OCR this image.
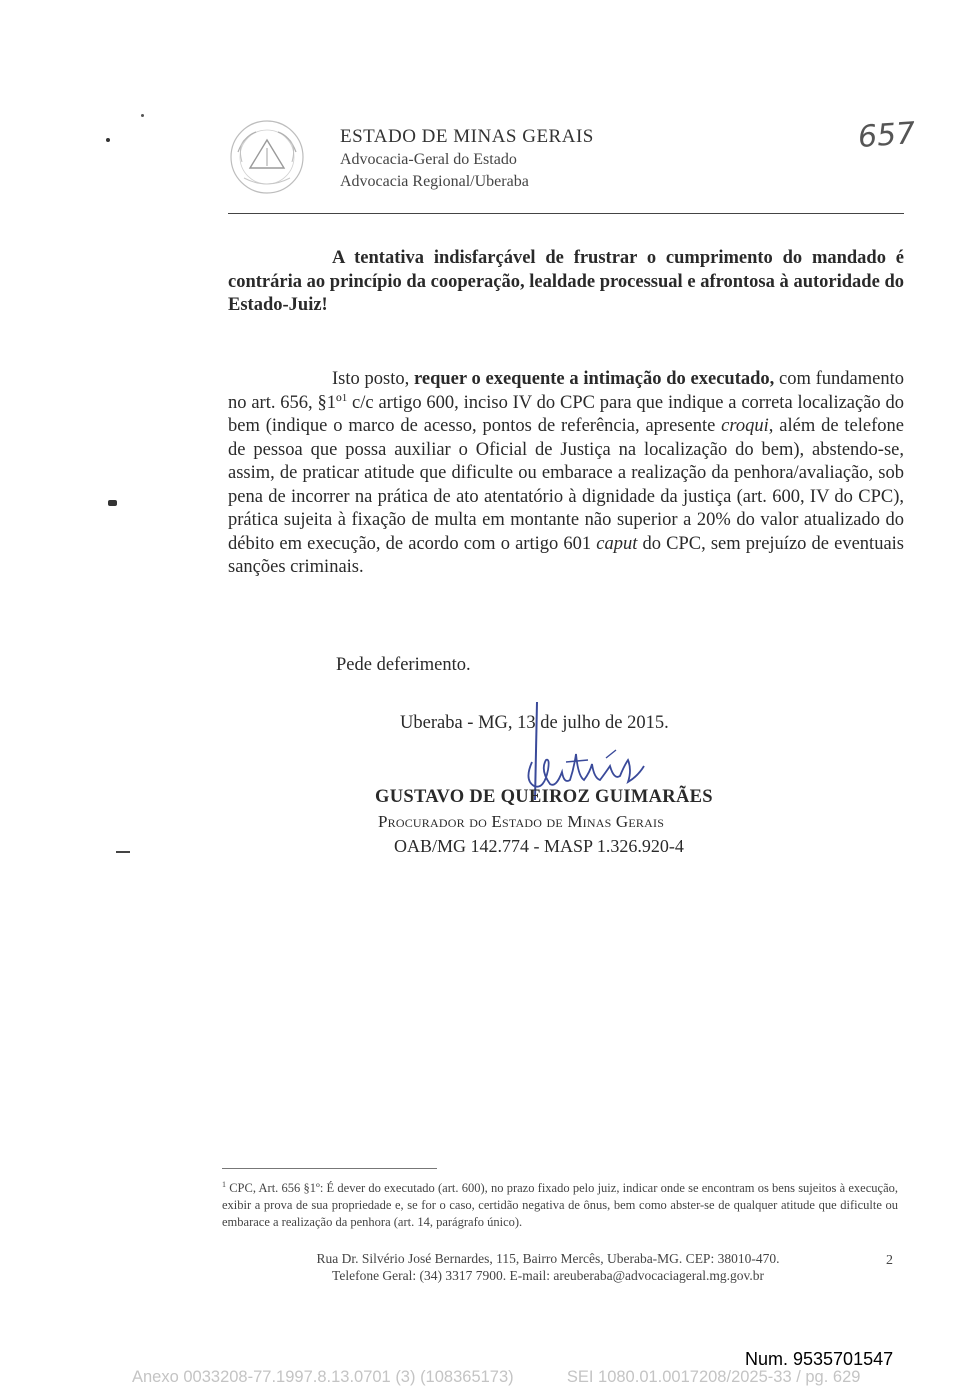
ESTADO DE MINAS GERAIS
Advocacia-Geral do Estado
Advocacia Regional/Uberaba
657
A tentativa indisfarçável de frustrar o cumprimento do mandado é contrária ao princípio da cooperação, lealdade processual e afrontosa à autoridade do Estado-Juiz!
Isto posto, requer o exequente a intimação do executado, com fundamento no art. 656, §1º$^1$ c/c artigo 600, inciso IV do CPC para que indique a correta localização do bem (indique o marco de acesso, pontos de referência, apresente croqui, além de telefone de pessoa que possa auxiliar o Oficial de Justiça na localização do bem), abstendo-se, assim, de praticar atitude que dificulte ou embarace a realização da penhora/avaliação, sob pena de incorrer na prática de ato atentatório à dignidade da justiça (art. 600, IV do CPC), prática sujeita à fixação de multa em montante não superior a 20% do valor atualizado do débito em execução, de acordo com o artigo 601 caput do CPC, sem prejuízo de eventuais sanções criminais.
Pede deferimento.
Uberaba - MG, 13 de julho de 2015.
GUSTAVO DE QUEIROZ GUIMARÃES
Procurador do Estado de Minas Gerais
OAB/MG 142.774 - MASP 1.326.920-4
$^1$ CPC, Art. 656 §1º: É dever do executado (art. 600), no prazo fixado pelo juiz, indicar onde se encontram os bens sujeitos à execução, exibir a prova de sua propriedade e, se for o caso, certidão negativa de ônus, bem como abster-se de qualquer atitude que dificulte ou embarace a realização da penhora (art. 14, parágrafo único).
Rua Dr. Silvério José Bernardes, 115, Bairro Mercês, Uberaba-MG. CEP: 38010-470.
Telefone Geral: (34) 3317 7900. E-mail: areuberaba@advocaciageral.mg.gov.br
2
Num. 9535701547
Anexo 0033208-77.1997.8.13.0701 (3) (108365173)	SEI 1080.01.0017208/2025-33 / pg. 629
